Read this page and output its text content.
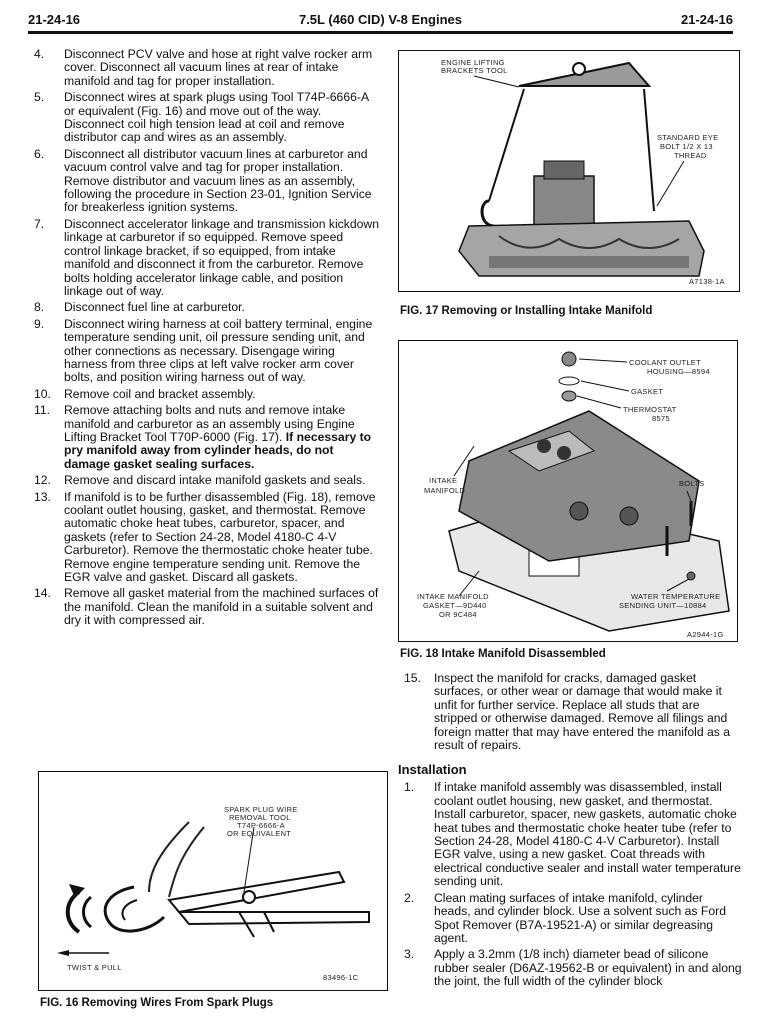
21-24-16	7.5L (460 CID) V-8 Engines	21-24-16
4. Disconnect PCV valve and hose at right valve rocker arm cover. Disconnect all vacuum lines at rear of intake manifold and tag for proper installation.
5. Disconnect wires at spark plugs using Tool T74P-6666-A or equivalent (Fig. 16) and move out of the way. Disconnect coil high tension lead at coil and remove distributor cap and wires as an assembly.
6. Disconnect all distributor vacuum lines at carburetor and vacuum control valve and tag for proper installation. Remove distributor and vacuum lines as an assembly, following the procedure in Section 23-01, Ignition Service for breakerless ignition systems.
7. Disconnect accelerator linkage and transmission kickdown linkage at carburetor if so equipped. Remove speed control linkage bracket, if so equipped, from intake manifold and disconnect it from the carburetor. Remove bolts holding accelerator linkage cable, and position linkage out of way.
8. Disconnect fuel line at carburetor.
9. Disconnect wiring harness at coil battery terminal, engine temperature sending unit, oil pressure sending unit, and other connections as necessary. Disengage wiring harness from three clips at left valve rocker arm cover bolts, and position wiring harness out of way.
10. Remove coil and bracket assembly.
11. Remove attaching bolts and nuts and remove intake manifold and carburetor as an assembly using Engine Lifting Bracket Tool T70P-6000 (Fig. 17). If necessary to pry manifold away from cylinder heads, do not damage gasket sealing surfaces.
12. Remove and discard intake manifold gaskets and seals.
13. If manifold is to be further disassembled (Fig. 18), remove coolant outlet housing, gasket, and thermostat. Remove automatic choke heat tubes, carburetor, spacer, and gaskets (refer to Section 24-28, Model 4180-C 4-V Carburetor). Remove the thermostatic choke heater tube. Remove engine temperature sending unit. Remove the EGR valve and gasket. Discard all gaskets.
14. Remove all gasket material from the machined surfaces of the manifold. Clean the manifold in a suitable solvent and dry it with compressed air.
SPARK PLUG WIRE
REMOVAL TOOL
T74P-6666-A
OR EQUIVALENT
TWIST & PULL
83496-1C
FIG. 16 Removing Wires From Spark Plugs
ENGINE LIFTING
BRACKETS TOOL
STANDARD EYE
BOLT 1/2 X 13
THREAD
A7138-1A
FIG. 17 Removing or Installing Intake Manifold
COOLANT OUTLET
HOUSING—8594
GASKET
THERMOSTAT
8575
INTAKE
MANIFOLD
BOLTS
INTAKE MANIFOLD
GASKET—9D440
OR 9C484
WATER TEMPERATURE
SENDING UNIT—10884
A2944-1G
FIG. 18 Intake Manifold Disassembled
15. Inspect the manifold for cracks, damaged gasket surfaces, or other wear or damage that would make it unfit for further service. Replace all studs that are stripped or otherwise damaged. Remove all filings and foreign matter that may have entered the manifold as a result of repairs.
Installation
1. If intake manifold assembly was disassembled, install coolant outlet housing, new gasket, and thermostat. Install carburetor, spacer, new gaskets, automatic choke heat tubes and thermostatic choke heater tube (refer to Section 24-28, Model 4180-C 4-V Carburetor). Install EGR valve, using a new gasket. Coat threads with electrical conductive sealer and install water temperature sending unit.
2. Clean mating surfaces of intake manifold, cylinder heads, and cylinder block. Use a solvent such as Ford Spot Remover (B7A-19521-A) or similar degreasing agent.
3. Apply a 3.2mm (1/8 inch) diameter bead of silicone rubber sealer (D6AZ-19562-B or equivalent) in and along the joint, the full width of the cylinder block
